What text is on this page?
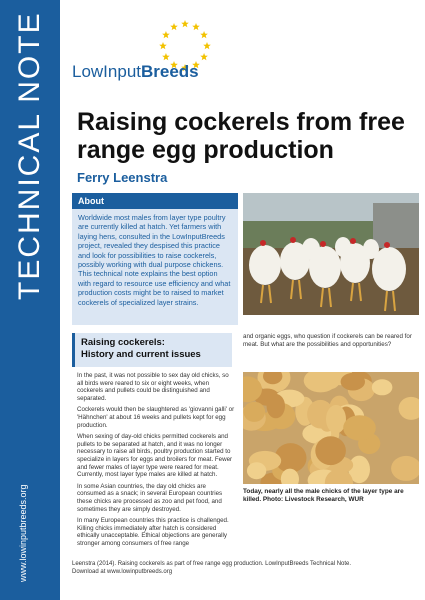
TECHNICAL NOTE
www.lowinputbreeds.org
LowInputBreeds
Raising cockerels from free range egg production
Ferry Leenstra
About
Worldwide most males from layer type poultry are currently killed at hatch. Yet farmers with laying hens, consulted in the LowInputBreeds project, revealed they despised this practice and look for possibilities to raise cockerels, possibly working with dual purpose chickens. This technical note explains the best option with regard to resource use efficiency and what production costs might be to raised to market cockerels of specialized layer strains.
Raising cockerels:
History and current issues

In the past, it was not possible to sex day old chicks, so all birds were reared to six or eight weeks, when cockerels and pullets could be distinguished and separated.

Cockerels would then be slaughtered as 'giovanni galli' or 'Hähnchen' at about 16 weeks and pullets kept for egg production.

When sexing of day-old chicks permitted cockerels and pullets to be separated at hatch, and it was no longer necessary to raise all birds, poultry production started to specialize in layers for eggs and broilers for meat. Fewer and fewer males of layer type were reared for meat. Currently, most layer type males are killed at hatch.

In some Asian countries, the day old chicks are consumed as a snack; in several European countries these chicks are processed as zoo and pet food, and sometimes they are simply destroyed.

In many European countries this practice is challenged. Killing chicks immediately after hatch is considered ethically unacceptable. Ethical objections are generally stronger among consumers of free range

and organic eggs, who question if cockerels can be reared for meat. But what are the possibilities and opportunities?
Today, nearly all the male chicks of the layer type are killed. Photo: Livestock Research, WUR
Leenstra (2014). Raising cockerels as part of free range egg production. LowInputBreeds Technical Note.
Download at www.lowinputbreeds.org
